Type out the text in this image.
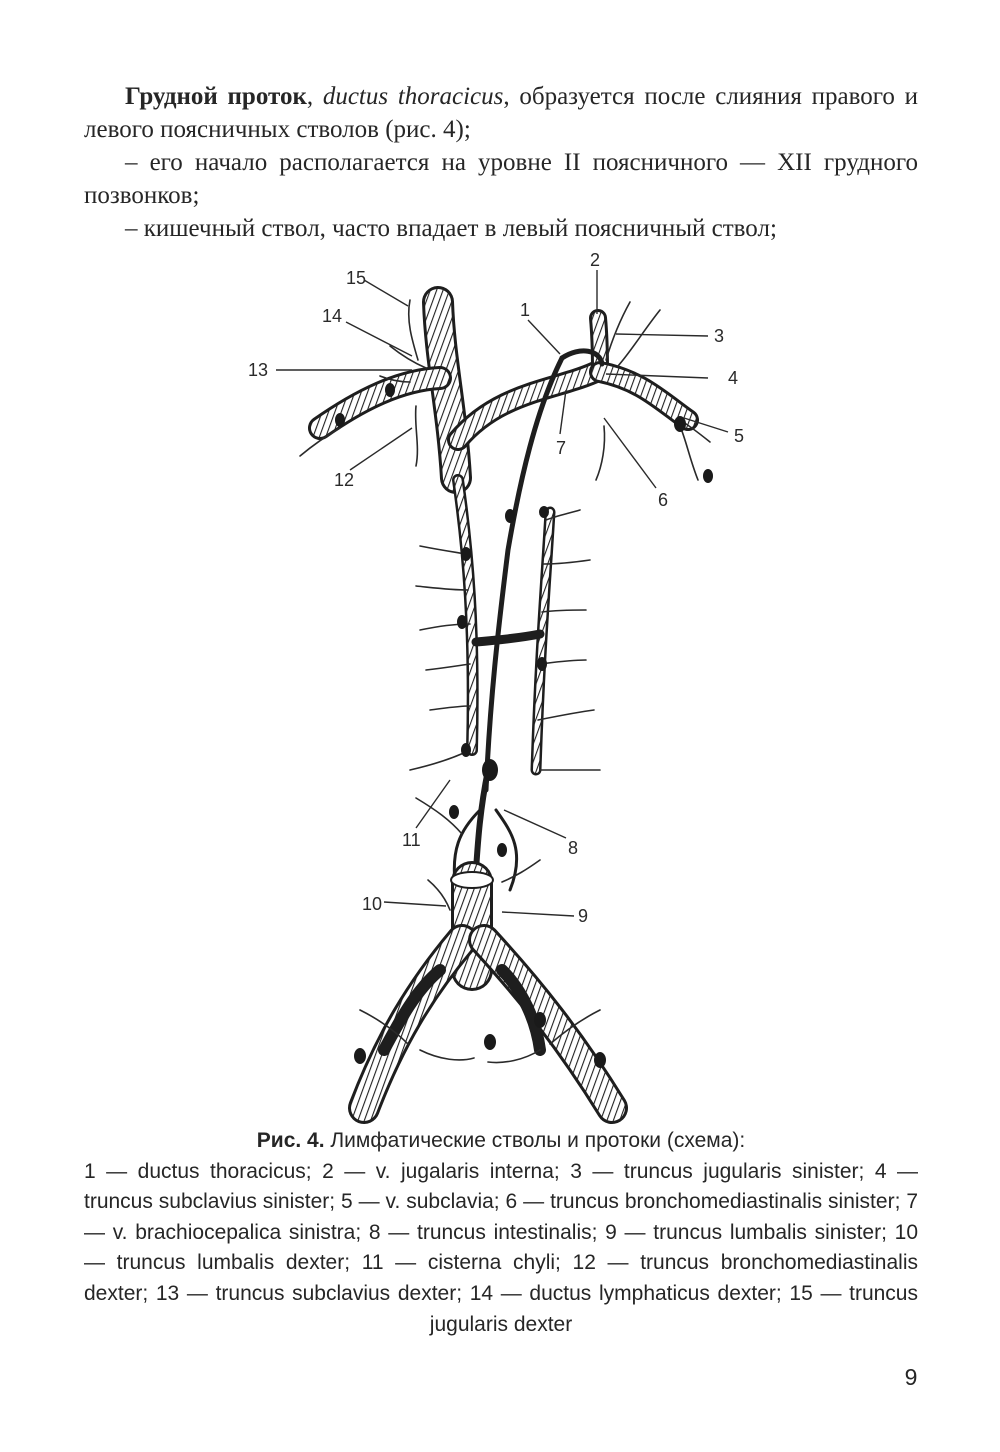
Грудной проток, ductus thoracicus, образуется после слияния правого и левого поясничных стволов (рис. 4);

– его начало располагается на уровне II поясничного — XII грудного позвонков;

– кишечный ствол, часто впадает в левый поясничный ствол;

1
2
3
4
5
6
7
8
9
10
11
12
13
14
15
Рис. 4. Лимфатические стволы и протоки (схема):
1 — ductus thoracicus; 2 — v. jugalaris interna; 3 — truncus jugularis sinister; 4 — truncus subclavius sinister; 5 — v. subclavia; 6 — truncus bronchomediastinalis sinister; 7 — v. brachiocepalica sinistra; 8 — truncus intestinalis; 9 — truncus lumbalis sinister; 10 — truncus lumbalis dexter; 11 — cisterna chyli; 12 — truncus bronchomediastinalis dexter; 13 — truncus subclavius dexter; 14 — ductus lymphaticus dexter; 15 — truncus jugularis dexter
9
